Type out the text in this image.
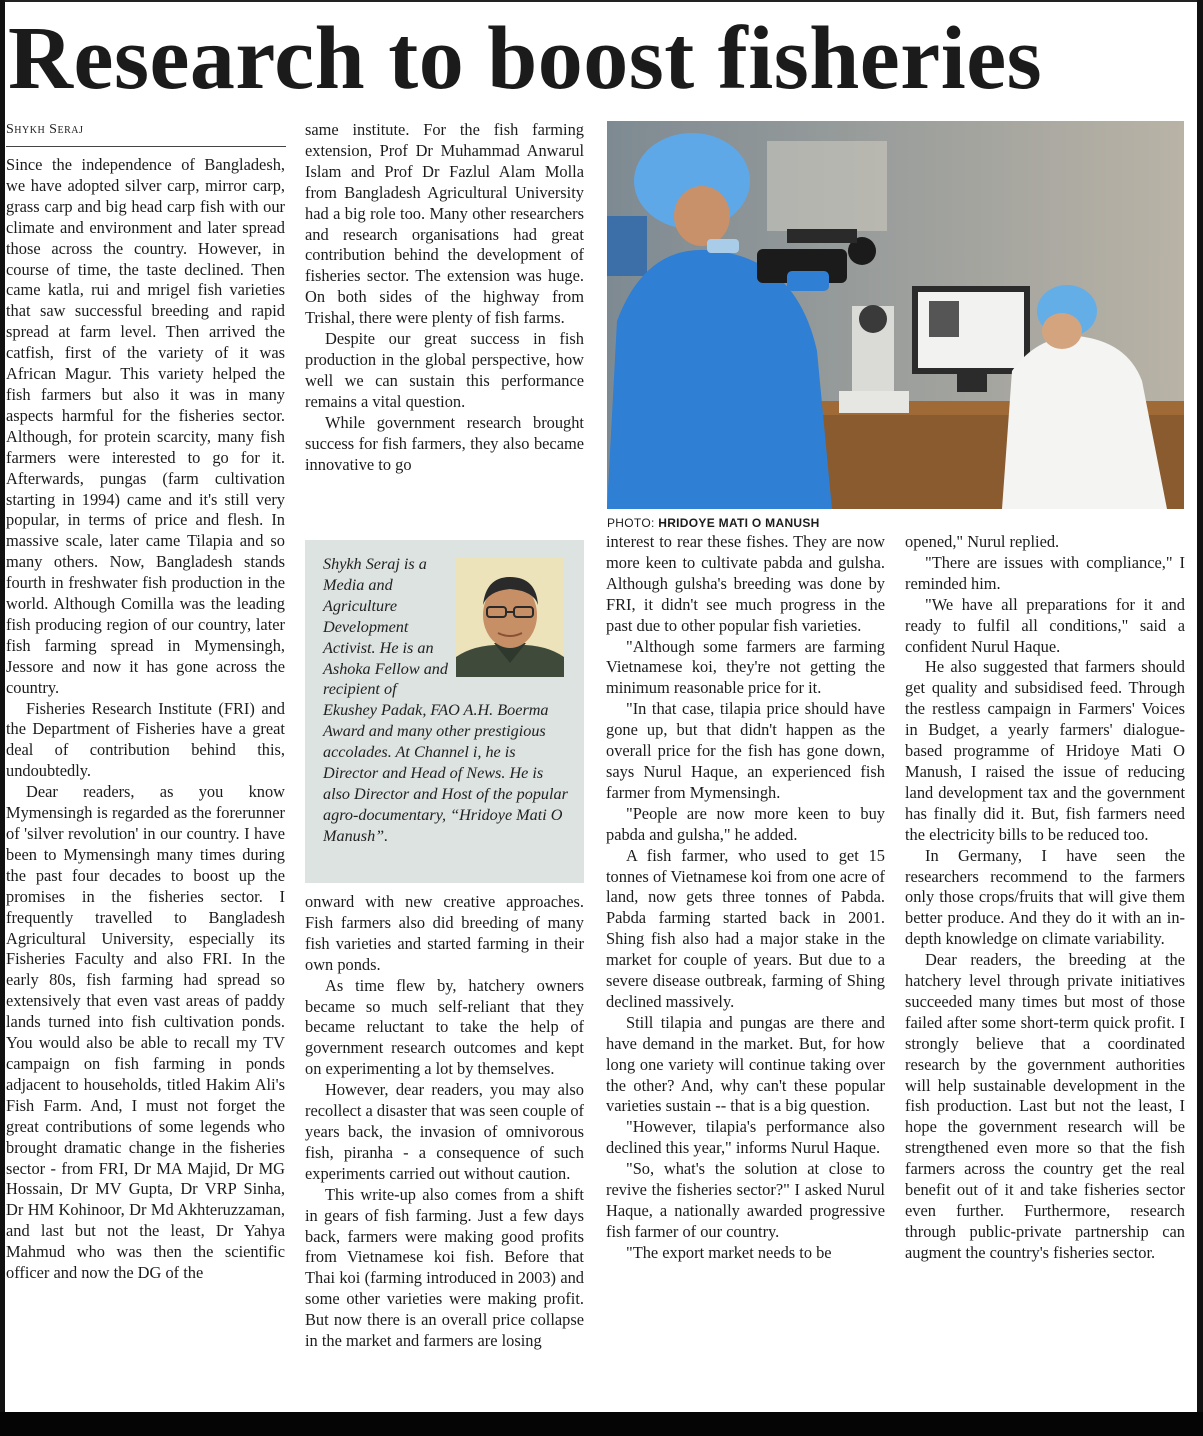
Research to boost fisheries
Shykh Seraj

Since the independence of Bangladesh, we have adopted silver carp, mirror carp, grass carp and big head carp fish with our climate and environment and later spread those across the country. However, in course of time, the taste declined. Then came katla, rui and mrigel fish varieties that saw successful breeding and rapid spread at farm level. Then arrived the catfish, first of the variety of it was African Magur. This variety helped the fish farmers but also it was in many aspects harmful for the fisheries sector. Although, for protein scarcity, many fish farmers were interested to go for it. Afterwards, pungas (farm cultivation starting in 1994) came and it's still very popular, in terms of price and flesh. In massive scale, later came Tilapia and so many others. Now, Bangladesh stands fourth in freshwater fish production in the world. Although Comilla was the leading fish producing region of our country, later fish farming spread in Mymensingh, Jessore and now it has gone across the country.

Fisheries Research Institute (FRI) and the Department of Fisheries have a great deal of contribution behind this, undoubtedly.

Dear readers, as you know Mymensingh is regarded as the forerunner of 'silver revolution' in our country. I have been to Mymensingh many times during the past four decades to boost up the promises in the fisheries sector. I frequently travelled to Bangladesh Agricultural University, especially its Fisheries Faculty and also FRI. In the early 80s, fish farming had spread so extensively that even vast areas of paddy lands turned into fish cultivation ponds. You would also be able to recall my TV campaign on fish farming in ponds adjacent to households, titled Hakim Ali's Fish Farm. And, I must not forget the great contributions of some legends who brought dramatic change in the fisheries sector - from FRI, Dr MA Majid, Dr MG Hossain, Dr MV Gupta, Dr VRP Sinha, Dr HM Kohinoor, Dr Md Akhteruzzaman, and last but not the least, Dr Yahya Mahmud who was then the scientific officer and now the DG of the

same institute. For the fish farming extension, Prof Dr Muhammad Anwarul Islam and Prof Dr Fazlul Alam Molla from Bangladesh Agricultural University had a big role too. Many other researchers and research organisations had great contribution behind the development of fisheries sector. The extension was huge. On both sides of the highway from Trishal, there were plenty of fish farms.

Despite our great success in fish production in the global perspective, how well we can sustain this performance remains a vital question.

While government research brought success for fish farmers, they also became innovative to go

Shykh Seraj is a Media and Agriculture Development Activist. He is an Ashoka Fellow and recipient of Ekushey Padak, FAO A.H. Boerma Award and many other prestigious accolades. At Channel i, he is Director and Head of News. He is also Director and Host of the popular agro-documentary, “Hridoye Mati O Manush”.

onward with new creative approaches. Fish farmers also did breeding of many fish varieties and started farming in their own ponds.

As time flew by, hatchery owners became so much self-reliant that they became reluctant to take the help of government research outcomes and kept on experimenting a lot by themselves.

However, dear readers, you may also recollect a disaster that was seen couple of years back, the invasion of omnivorous fish, piranha - a consequence of such experiments carried out without caution.

This write-up also comes from a shift in gears of fish farming. Just a few days back, farmers were making good profits from Vietnamese koi fish. Before that Thai koi (farming introduced in 2003) and some other varieties were making profit. But now there is an overall price collapse in the market and farmers are losing

PHOTO: HRIDOYE MATI O MANUSH

interest to rear these fishes. They are now more keen to cultivate pabda and gulsha. Although gulsha's breeding was done by FRI, it didn't see much progress in the past due to other popular fish varieties.

"Although some farmers are farming Vietnamese koi, they're not getting the minimum reasonable price for it.

"In that case, tilapia price should have gone up, but that didn't happen as the overall price for the fish has gone down, says Nurul Haque, an experienced fish farmer from Mymensingh.

"People are now more keen to buy pabda and gulsha," he added.

A fish farmer, who used to get 15 tonnes of Vietnamese koi from one acre of land, now gets three tonnes of Pabda. Pabda farming started back in 2001. Shing fish also had a major stake in the market for couple of years. But due to a severe disease outbreak, farming of Shing declined massively.

Still tilapia and pungas are there and have demand in the market. But, for how long one variety will continue taking over the other? And, why can't these popular varieties sustain -- that is a big question.

"However, tilapia's performance also declined this year," informs Nurul Haque.

"So, what's the solution at close to revive the fisheries sector?" I asked Nurul Haque, a nationally awarded progressive fish farmer of our country.

"The export market needs to be

opened," Nurul replied.

"There are issues with compliance," I reminded him.

"We have all preparations for it and ready to fulfil all conditions," said a confident Nurul Haque.

He also suggested that farmers should get quality and subsidised feed. Through the restless campaign in Farmers' Voices in Budget, a yearly farmers' dialogue-based programme of Hridoye Mati O Manush, I raised the issue of reducing land development tax and the government has finally did it. But, fish farmers need the electricity bills to be reduced too.

In Germany, I have seen the researchers recommend to the farmers only those crops/fruits that will give them better produce. And they do it with an in-depth knowledge on climate variability.

Dear readers, the breeding at the hatchery level through private initiatives succeeded many times but most of those failed after some short-term quick profit. I strongly believe that a coordinated research by the government authorities will help sustainable development in the fish production. Last but not the least, I hope the government research will be strengthened even more so that the fish farmers across the country get the real benefit out of it and take fisheries sector even further. Furthermore, research through public-private partnership can augment the country's fisheries sector.
